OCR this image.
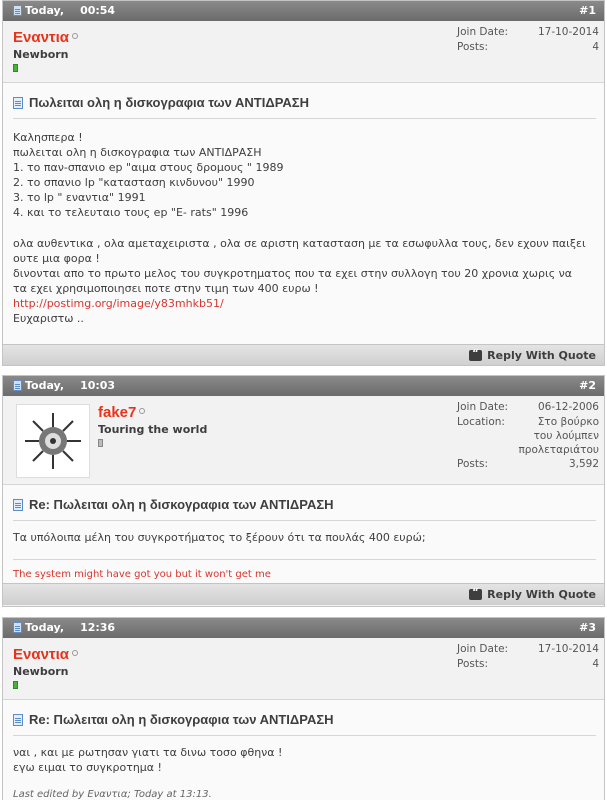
Today, 00:54	#1
Εναντια
Newborn
Join Date:	17-10-2014
Posts:	4
Πωλειται ολη η δισκογραφια των ΑΝΤΙΔΡΑΣΗ
Καλησπερα !
πωλειται ολη η δισκογραφια των ΑΝΤΙΔΡΑΣΗ
1. το παν-σπανιο ep "αιμα στους δρομους " 1989
2. το σπανιο lp "κατασταση κινδυνου" 1990
3. το lp " εναντια" 1991
4. και το τελευταιο τους ep "E- rats" 1996
ολα αυθεντικα , ολα αμεταχειριστα , ολα σε αριστη κατασταση με τα εσωφυλλα τους, δεν εχουν παιξει
ουτε μια φορα !
δινονται απο το πρωτο μελος του συγκροτηματος που τα εχει στην συλλογη του 20 χρονια χωρις να
τα εχει χρησιμοποιησει ποτε στην τιμη των 400 ευρω !
http://postimg.org/image/y83mhkb51/
Ευχαριστω ..
“
Reply With Quote
Today, 10:03	#2
fake7
Touring the world
Join Date:	06-12-2006
Location:	Στο βούρκο του λούμπεν προλεταριάτου
Posts:	3,592
Re: Πωλειται ολη η δισκογραφια των ΑΝΤΙΔΡΑΣΗ
Τα υπόλοιπα μέλη του συγκροτήματος το ξέρουν ότι τα πουλάς 400 ευρώ;
The system might have got you but it won't get me
“
Reply With Quote
Today, 12:36	#3
Εναντια
Newborn
Join Date:	17-10-2014
Posts:	4
Re: Πωλειται ολη η δισκογραφια των ΑΝΤΙΔΡΑΣΗ
ναι , και με ρωτησαν γιατι τα δινω τοσο φθηνα !
εγω ειμαι το συγκροτημα !
Last edited by Εναντια; Today at 13:13.
